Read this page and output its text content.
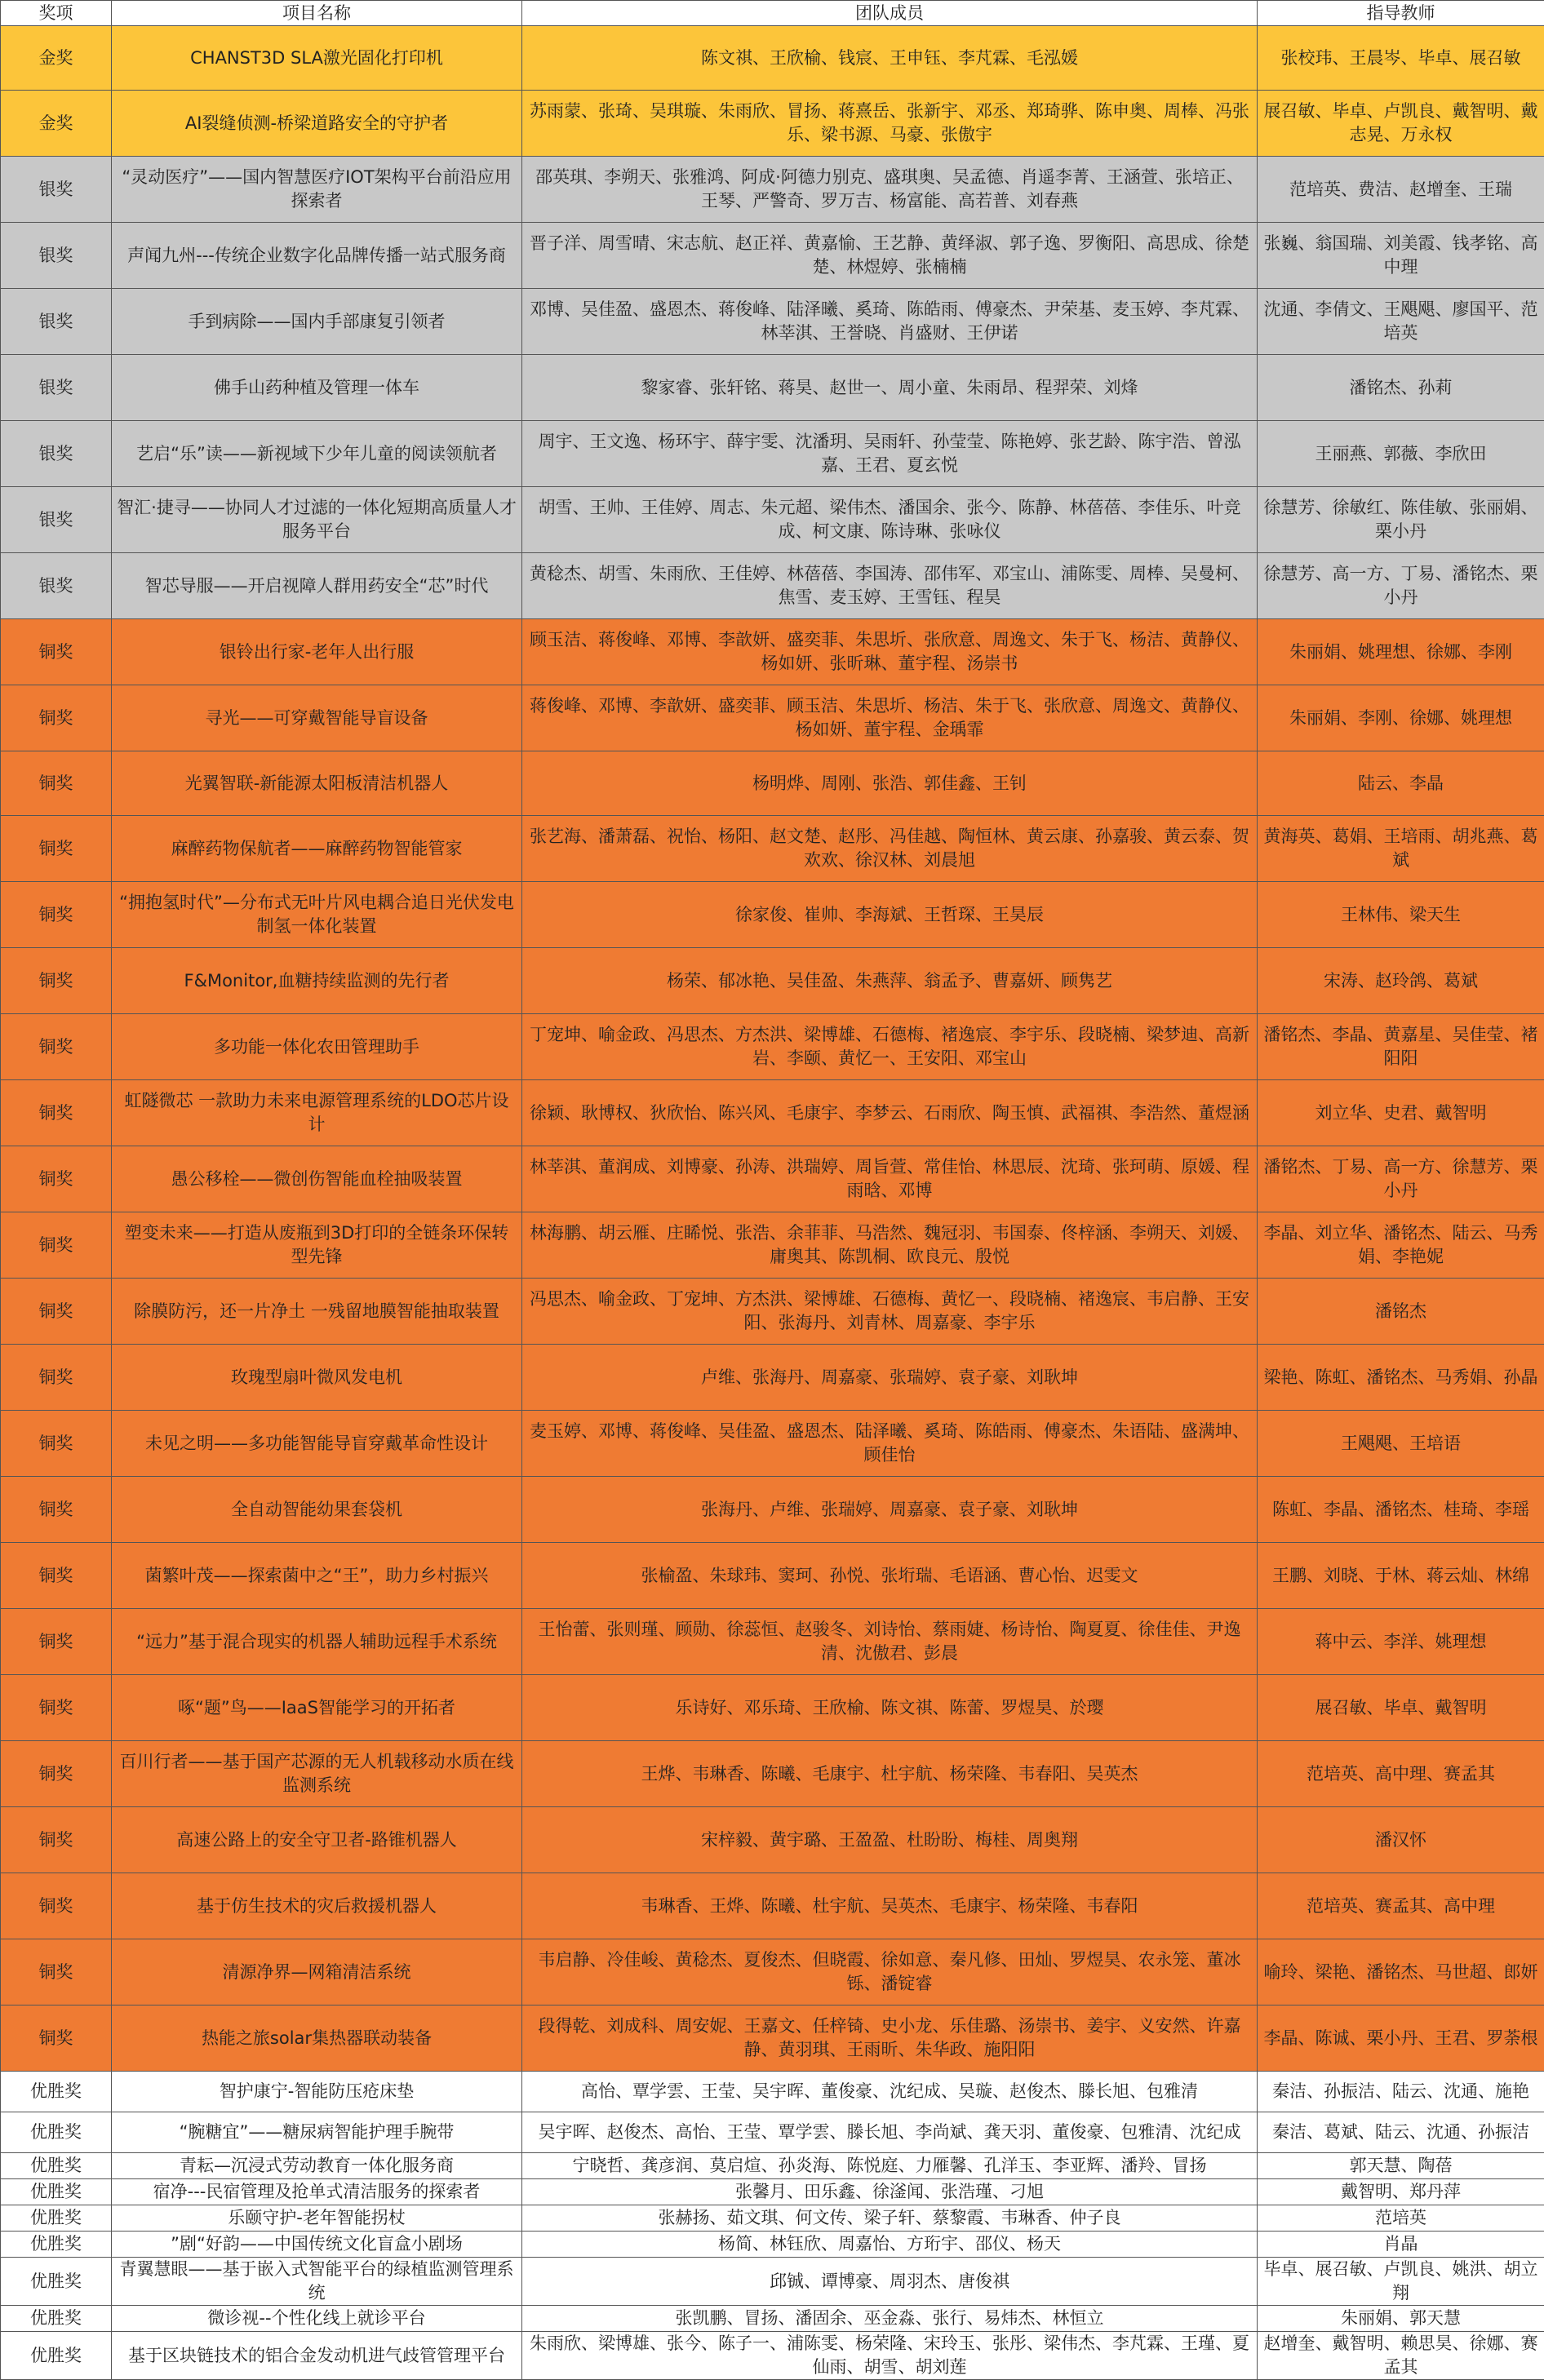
奖项	项目名称	团队成员	指导教师
金奖	CHANST3D SLA激光固化打印机	陈文祺、王欣榆、钱宸、王申钰、李芃霖、毛泓媛	张校玮、王晨岑、毕卓、展召敏
金奖	AI裂缝侦测-桥梁道路安全的守护者	苏雨蒙、张琦、吴琪璇、朱雨欣、冒扬、蒋熹岳、张新宇、邓丞、郑琦骅、陈申奥、周棒、冯张乐、梁书源、马豪、张傲宇	展召敏、毕卓、卢凯良、戴智明、戴志晃、万永权
银奖	“灵动医疗”——国内智慧医疗IOT架构平台前沿应用探索者	邵英琪、李朔天、张雅鸿、阿成·阿德力别克、盛琪奥、吴孟德、肖遥李菁、王涵萱、张培正、王琴、严警奇、罗万吉、杨富能、高若普、刘春燕	范培英、费洁、赵增奎、王瑞
银奖	声闻九州---传统企业数字化品牌传播一站式服务商	晋子洋、周雪晴、宋志航、赵正祥、黄嘉愉、王艺静、黄绎淑、郭子逸、罗衡阳、高思成、徐楚楚、林煜婷、张楠楠	张巍、翁国瑞、刘美霞、钱孝铭、高中理
银奖	手到病除——国内手部康复引领者	邓博、吴佳盈、盛恩杰、蒋俊峰、陆泽曦、奚琦、陈皓雨、傅豪杰、尹荣基、麦玉婷、李芃霖、林莘淇、王誉晓、肖盛财、王伊诺	沈通、李倩文、王飓飓、廖国平、范培英
银奖	佛手山药种植及管理一体车	黎家睿、张轩铭、蒋昊、赵世一、周小童、朱雨昂、程羿荣、刘烽	潘铭杰、孙莉
银奖	艺启“乐”读——新视域下少年儿童的阅读领航者	周宇、王文逸、杨环宇、薛宇雯、沈潘玥、吴雨轩、孙莹莹、陈艳婷、张艺龄、陈宇浩、曾泓嘉、王君、夏玄悦	王丽燕、郭薇、李欣田
银奖	智汇·捷寻——协同人才过滤的一体化短期高质量人才服务平台	胡雪、王帅、王佳婷、周志、朱元超、梁伟杰、潘国余、张今、陈静、林蓓蓓、李佳乐、叶竞成、柯文康、陈诗琳、张咏仪	徐慧芳、徐敏红、陈佳敏、张丽娟、栗小丹
银奖	智芯导服——开启视障人群用药安全“芯”时代	黄稔杰、胡雪、朱雨欣、王佳婷、林蓓蓓、李国涛、邵伟军、邓宝山、浦陈雯、周棒、吴曼柯、焦雪、麦玉婷、王雪钰、程昊	徐慧芳、高一方、丁易、潘铭杰、栗小丹
铜奖	银铃出行家-老年人出行服	顾玉洁、蒋俊峰、邓博、李歆妍、盛奕菲、朱思圻、张欣意、周逸文、朱于飞、杨洁、黄静仪、杨如妍、张昕琳、董宇程、汤崇书	朱丽娟、姚理想、徐娜、李刚
铜奖	寻光——可穿戴智能导盲设备	蒋俊峰、邓博、李歆妍、盛奕菲、顾玉洁、朱思圻、杨洁、朱于飞、张欣意、周逸文、黄静仪、杨如妍、董宇程、金瑀霏	朱丽娟、李刚、徐娜、姚理想
铜奖	光翼智联-新能源太阳板清洁机器人	杨明烨、周刚、张浩、郭佳鑫、王钊	陆云、李晶
铜奖	麻醉药物保航者——麻醉药物智能管家	张艺海、潘萧磊、祝怡、杨阳、赵文楚、赵彤、冯佳越、陶恒林、黄云康、孙嘉骏、黄云泰、贺欢欢、徐汉林、刘晨旭	黄海英、葛娟、王培雨、胡兆燕、葛斌
铜奖	“拥抱氢时代”—分布式无叶片风电耦合追日光伏发电制氢一体化装置	徐家俊、崔帅、李海斌、王哲琛、王昊辰	王林伟、梁天生
铜奖	F&Monitor,血糖持续监测的先行者	杨荣、郁冰艳、吴佳盈、朱燕萍、翁孟予、曹嘉妍、顾隽艺	宋涛、赵玲鸽、葛斌
铜奖	多功能一体化农田管理助手	丁宠坤、喻金政、冯思杰、方杰洪、梁博雄、石德梅、褚逸宸、李宇乐、段晓楠、梁梦迪、高新岩、李颐、黄忆一、王安阳、邓宝山	潘铭杰、李晶、黄嘉星、吴佳莹、褚阳阳
铜奖	虹隧微芯 一款助力未来电源管理系统的LDO芯片设计	徐颖、耿博权、狄欣怡、陈兴风、毛康宇、李梦云、石雨欣、陶玉慎、武福祺、李浩然、董煜涵	刘立华、史君、戴智明
铜奖	愚公移栓——微创伤智能血栓抽吸装置	林莘淇、董润成、刘博豪、孙涛、洪瑞婷、周旨萱、常佳怡、林思辰、沈琦、张珂萌、原媛、程雨晗、邓博	潘铭杰、丁易、高一方、徐慧芳、栗小丹
铜奖	塑变未来——打造从废瓶到3D打印的全链条环保转型先锋	林海鹏、胡云雁、庄睎悦、张浩、余菲菲、马浩然、魏冠羽、韦国泰、佟梓涵、李朔天、刘媛、庸奥其、陈凯桐、欧良元、殷悦	李晶、刘立华、潘铭杰、陆云、马秀娟、李艳妮
铜奖	除膜防污，还一片净土 一残留地膜智能抽取装置	冯思杰、喻金政、丁宠坤、方杰洪、梁博雄、石德梅、黄忆一、段晓楠、褚逸宸、韦启静、王安阳、张海丹、刘青林、周嘉豪、李宇乐	潘铭杰
铜奖	玫瑰型扇叶微风发电机	卢维、张海丹、周嘉豪、张瑞婷、袁子豪、刘耿坤	梁艳、陈虹、潘铭杰、马秀娟、孙晶
铜奖	未见之明——多功能智能导盲穿戴革命性设计	麦玉婷、邓博、蒋俊峰、吴佳盈、盛恩杰、陆泽曦、奚琦、陈皓雨、傅豪杰、朱语陆、盛满坤、顾佳怡	王飓飓、王培语
铜奖	全自动智能幼果套袋机	张海丹、卢维、张瑞婷、周嘉豪、袁子豪、刘耿坤	陈虹、李晶、潘铭杰、桂琦、李瑶
铜奖	菌繁叶茂——探索菌中之“王”，助力乡村振兴	张榆盈、朱球玮、窦珂、孙悦、张垳瑞、毛语涵、曹心怡、迟雯文	王鹏、刘晓、于林、蒋云灿、林绵
铜奖	“远力”基于混合现实的机器人辅助远程手术系统	王怡蕾、张则瑾、顾勋、徐蕊恒、赵骏冬、刘诗怡、蔡雨婕、杨诗怡、陶夏夏、徐佳佳、尹逸清、沈傲君、彭晨	蒋中云、李洋、姚理想
铜奖	啄“题”鸟——IaaS智能学习的开拓者	乐诗好、邓乐琦、王欣榆、陈文祺、陈蕾、罗煜昊、於璎	展召敏、毕卓、戴智明
铜奖	百川行者——基于国产芯源的无人机载移动水质在线监测系统	王烨、韦琳香、陈曦、毛康宇、杜宇航、杨荣隆、韦春阳、吴英杰	范培英、高中理、赛孟其
铜奖	高速公路上的安全守卫者-路锥机器人	宋梓毅、黄宇璐、王盈盈、杜盼盼、梅桂、周奥翔	潘汉怀
铜奖	基于仿生技术的灾后救援机器人	韦琳香、王烨、陈曦、杜宇航、吴英杰、毛康宇、杨荣隆、韦春阳	范培英、赛孟其、高中理
铜奖	清源净界—网箱清洁系统	韦启静、冷佳峻、黄稔杰、夏俊杰、但晓霞、徐如意、秦凡修、田灿、罗煜昊、农永笼、董冰铄、潘锭睿	喻玲、梁艳、潘铭杰、马世超、郎妍
铜奖	热能之旅solar集热器联动装备	段得乾、刘成科、周安妮、王嘉文、任梓锜、史小龙、乐佳璐、汤崇书、姜宇、义安然、许嘉静、黄羽琪、王雨昕、朱华政、施阳阳	李晶、陈诚、栗小丹、王君、罗荼根
优胜奖	智护康宁-智能防压疮床垫	高怡、覃学雲、王莹、吴宇晖、董俊豪、沈纪成、吴璇、赵俊杰、滕长旭、包雅清	秦洁、孙振洁、陆云、沈通、施艳
优胜奖	“腕糖宜”——糖尿病智能护理手腕带	吴宇晖、赵俊杰、高怡、王莹、覃学雲、滕长旭、李尚斌、龚天羽、董俊豪、包雅清、沈纪成	秦洁、葛斌、陆云、沈通、孙振洁
优胜奖	青耘—沉浸式劳动教育一体化服务商	宁晓哲、龚彦润、莫启煊、孙炎海、陈悦庭、力雁馨、孔洋玉、李亚辉、潘羚、冒扬	郭天慧、陶蓓
优胜奖	宿净---民宿管理及抢单式清洁服务的探索者	张馨月、田乐鑫、徐滏闻、张浩瑾、刁旭	戴智明、郑丹萍
优胜奖	乐颐守护-老年智能拐杖	张赫扬、茹文琪、何文传、梁子轩、蔡黎霞、韦琳香、仲子良	范培英
优胜奖	”剧“好韵——中国传统文化盲盒小剧场	杨简、林钰欣、周嘉怡、方珩宇、邵仪、杨天	肖晶
优胜奖	青翼慧眼——基于嵌入式智能平台的绿植监测管理系统	邱铖、谭博豪、周羽杰、唐俊祺	毕卓、展召敏、卢凯良、姚洪、胡立翔
优胜奖	微诊视--个性化线上就诊平台	张凯鹏、冒扬、潘固余、巫金淼、张行、易炜杰、林恒立	朱丽娟、郭天慧
优胜奖	基于区块链技术的铝合金发动机进气歧管管理平台	朱雨欣、梁博雄、张今、陈子一、浦陈雯、杨荣隆、宋玲玉、张彤、梁伟杰、李芃霖、王瑾、夏仙雨、胡雪、胡刘莲	赵增奎、戴智明、赖思昊、徐娜、赛孟其
